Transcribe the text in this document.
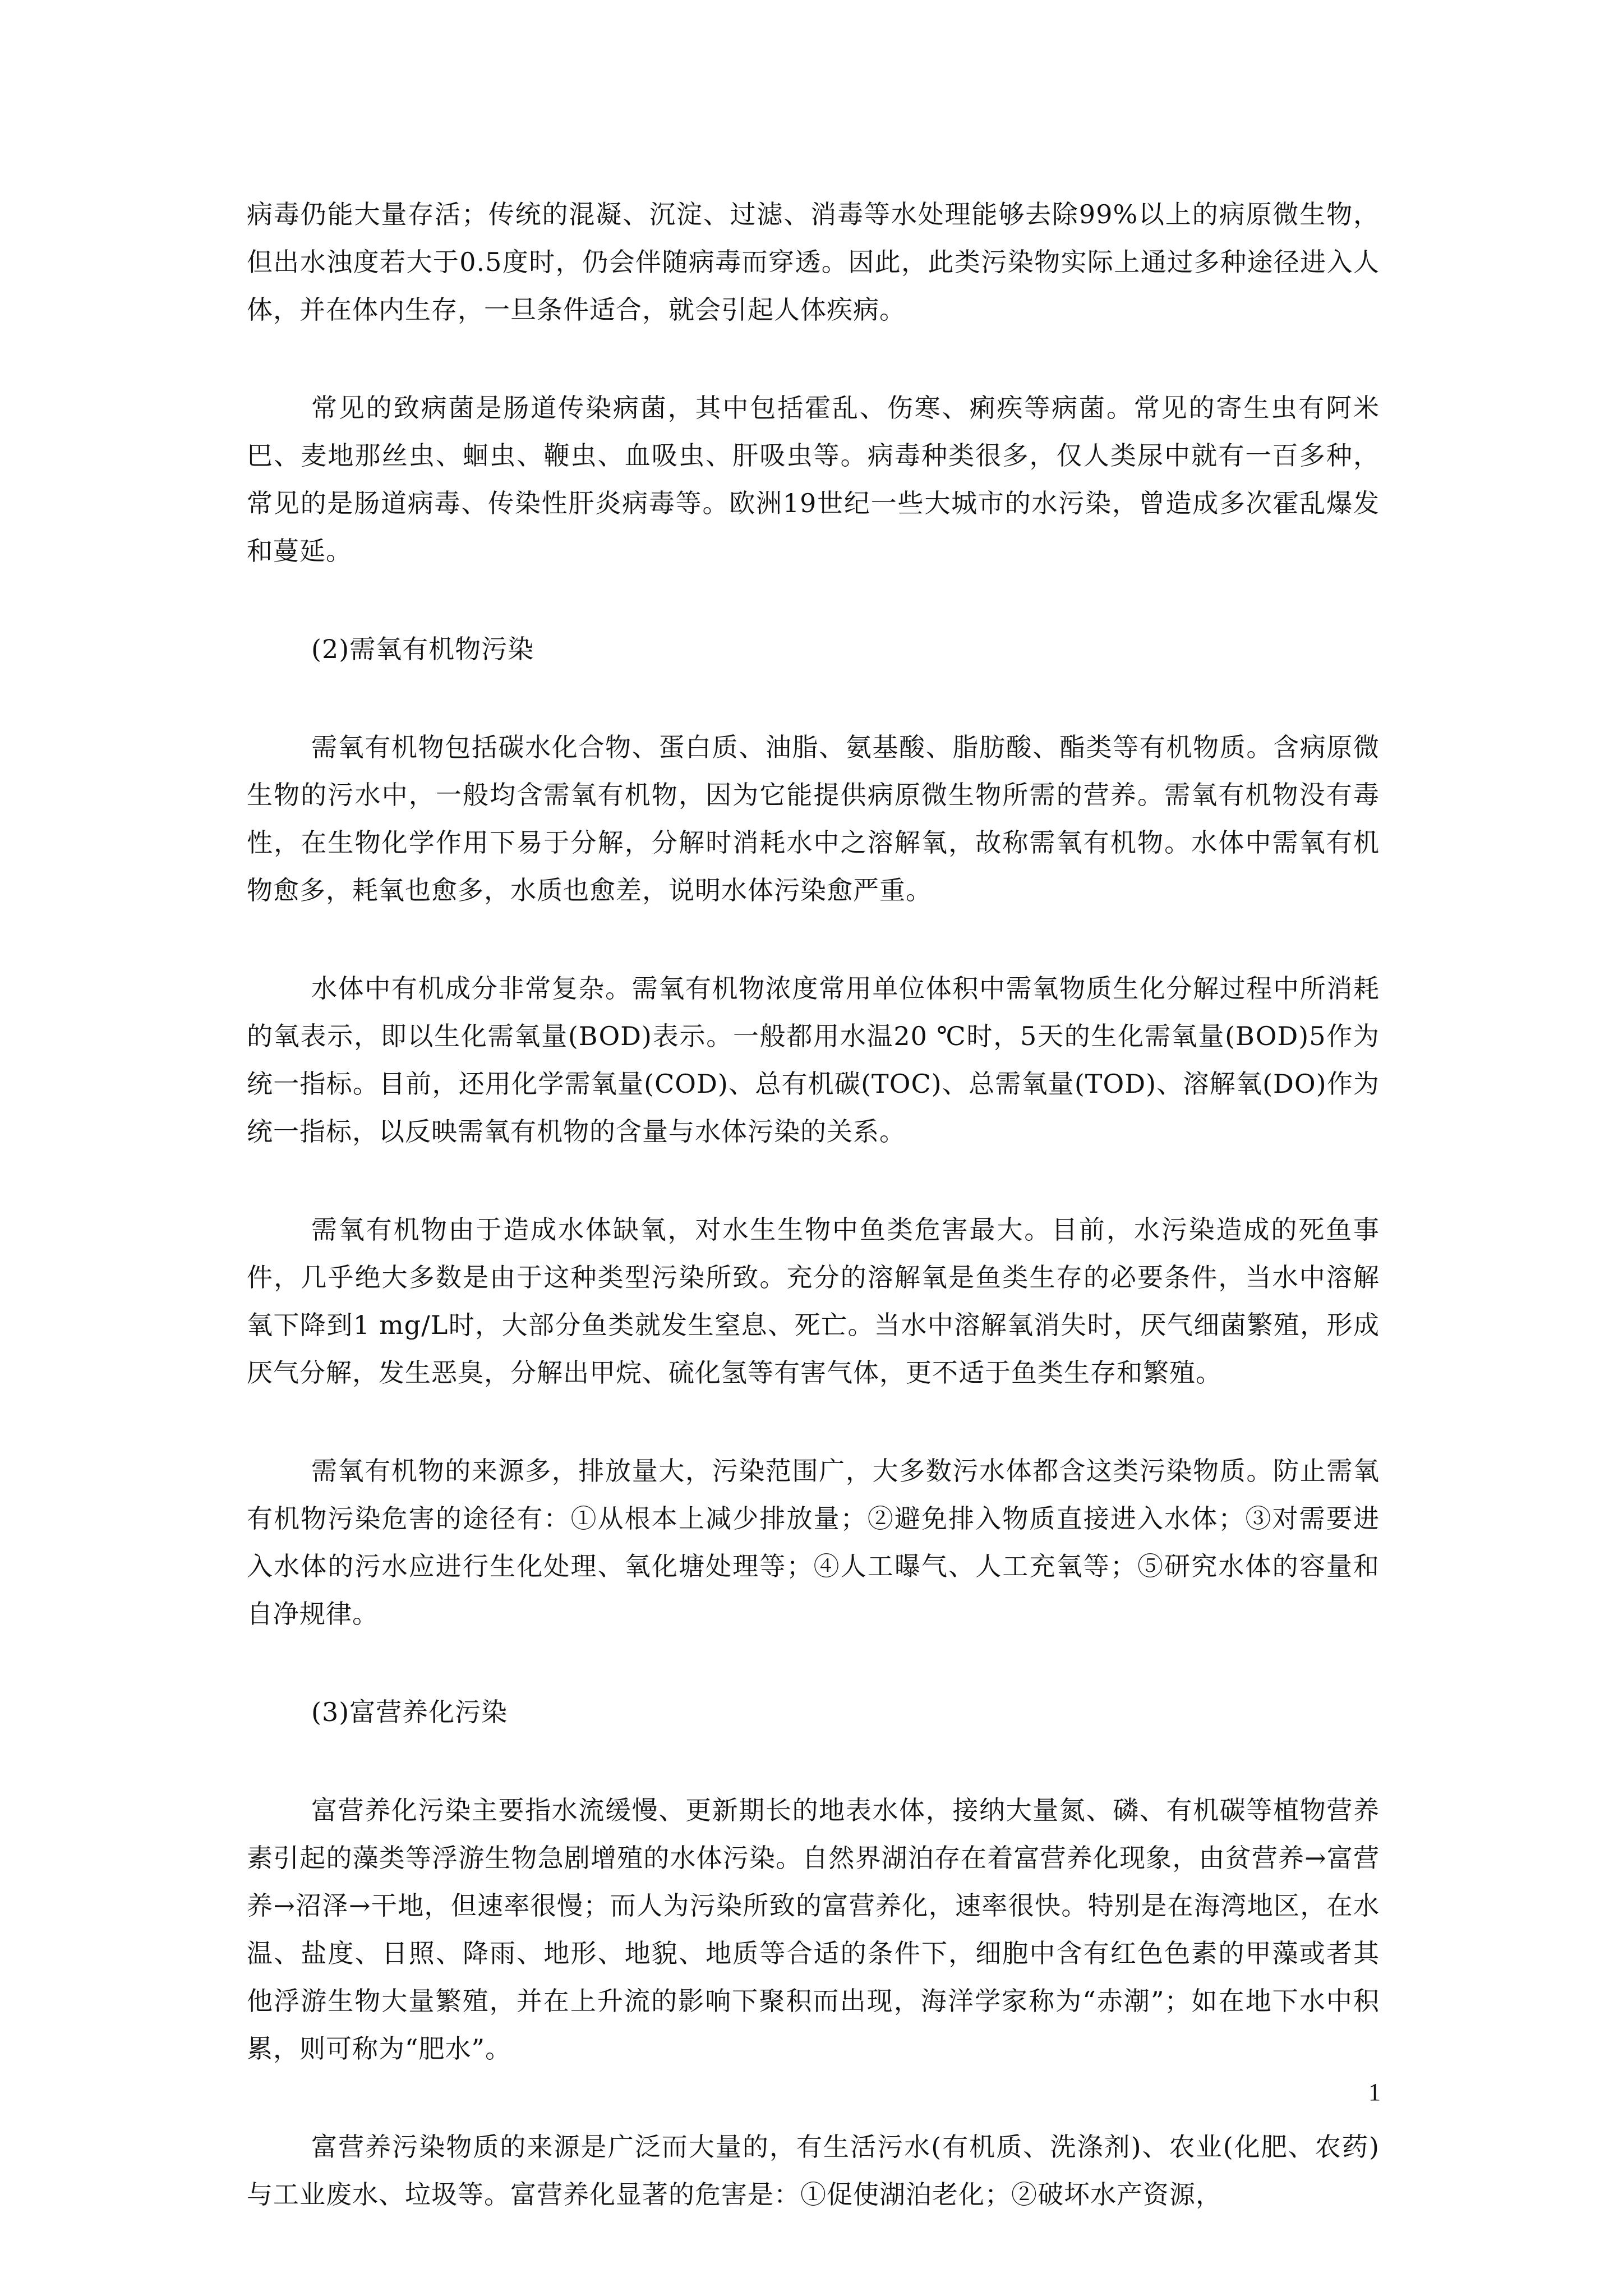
病毒仍能大量存活；传统的混凝、沉淀、过滤、消毒等水处理能够去除99%以上的病原微生物，但出水浊度若大于0.5度时，仍会伴随病毒而穿透。因此，此类污染物实际上通过多种途径进入人体，并在体内生存，一旦条件适合，就会引起人体疾病。

常见的致病菌是肠道传染病菌，其中包括霍乱、伤寒、痢疾等病菌。常见的寄生虫有阿米巴、麦地那丝虫、蛔虫、鞭虫、血吸虫、肝吸虫等。病毒种类很多，仅人类尿中就有一百多种，常见的是肠道病毒、传染性肝炎病毒等。欧洲19世纪一些大城市的水污染，曾造成多次霍乱爆发和蔓延。

(2)需氧有机物污染

需氧有机物包括碳水化合物、蛋白质、油脂、氨基酸、脂肪酸、酯类等有机物质。含病原微生物的污水中，一般均含需氧有机物，因为它能提供病原微生物所需的营养。需氧有机物没有毒性，在生物化学作用下易于分解，分解时消耗水中之溶解氧，故称需氧有机物。水体中需氧有机物愈多，耗氧也愈多，水质也愈差，说明水体污染愈严重。

水体中有机成分非常复杂。需氧有机物浓度常用单位体积中需氧物质生化分解过程中所消耗的氧表示，即以生化需氧量(BOD)表示。一般都用水温20 ℃时，5天的生化需氧量(BOD)5作为统一指标。目前，还用化学需氧量(COD)、总有机碳(TOC)、总需氧量(TOD)、溶解氧(DO)作为统一指标，以反映需氧有机物的含量与水体污染的关系。

需氧有机物由于造成水体缺氧，对水生生物中鱼类危害最大。目前，水污染造成的死鱼事件，几乎绝大多数是由于这种类型污染所致。充分的溶解氧是鱼类生存的必要条件，当水中溶解氧下降到1 mg/L时，大部分鱼类就发生窒息、死亡。当水中溶解氧消失时，厌气细菌繁殖，形成厌气分解，发生恶臭，分解出甲烷、硫化氢等有害气体，更不适于鱼类生存和繁殖。

需氧有机物的来源多，排放量大，污染范围广，大多数污水体都含这类污染物质。防止需氧有机物污染危害的途径有：①从根本上减少排放量；②避免排入物质直接进入水体；③对需要进入水体的污水应进行生化处理、氧化塘处理等；④人工曝气、人工充氧等；⑤研究水体的容量和自净规律。

(3)富营养化污染

富营养化污染主要指水流缓慢、更新期长的地表水体，接纳大量氮、磷、有机碳等植物营养素引起的藻类等浮游生物急剧增殖的水体污染。自然界湖泊存在着富营养化现象，由贫营养→富营养→沼泽→干地，但速率很慢；而人为污染所致的富营养化，速率很快。特别是在海湾地区，在水温、盐度、日照、降雨、地形、地貌、地质等合适的条件下，细胞中含有红色色素的甲藻或者其他浮游生物大量繁殖，并在上升流的影响下聚积而出现，海洋学家称为“赤潮”；如在地下水中积累，则可称为“肥水”。

富营养污染物质的来源是广泛而大量的，有生活污水(有机质、洗涤剂)、农业(化肥、农药)与工业废水、垃圾等。富营养化显著的危害是：①促使湖泊老化；②破坏水产资源，

1
